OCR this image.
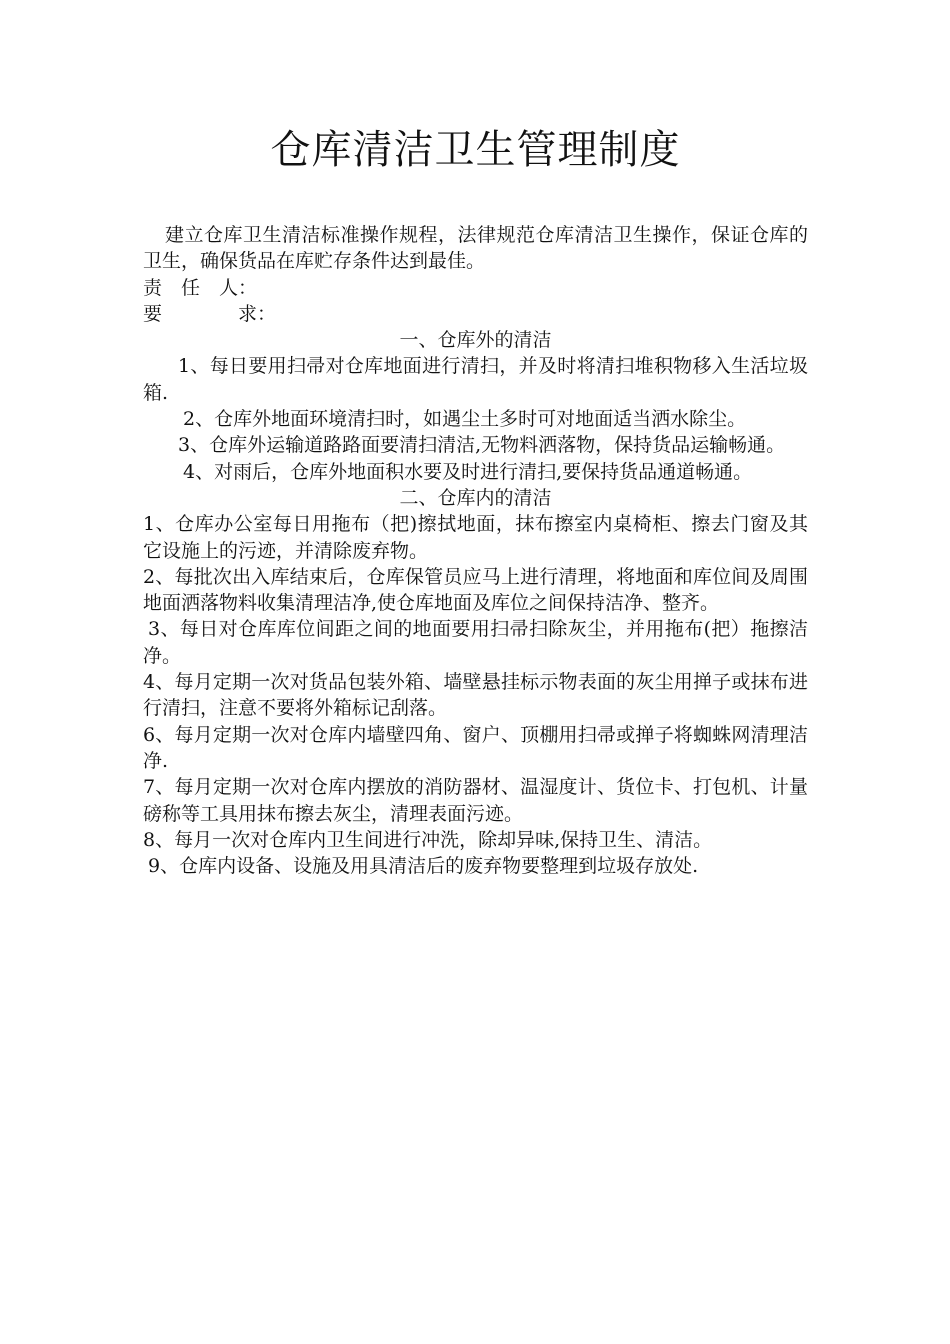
仓库清洁卫生管理制度

建立仓库卫生清洁标准操作规程，法律规范仓库清洁卫生操作，保证仓库的卫生，确保货品在库贮存条件达到最佳。

责　任　人：

要　　　　求：

一、仓库外的清洁

1、每日要用扫帚对仓库地面进行清扫，并及时将清扫堆积物移入生活垃圾箱.

2、仓库外地面环境清扫时，如遇尘土多时可对地面适当洒水除尘。

3、仓库外运输道路路面要清扫清洁,无物料洒落物，保持货品运输畅通。

4、对雨后，仓库外地面积水要及时进行清扫,要保持货品通道畅通。

二、仓库内的清洁

1、仓库办公室每日用拖布（把)擦拭地面，抹布擦室内桌椅柜、擦去门窗及其它设施上的污迹，并清除废弃物。

2、每批次出入库结束后，仓库保管员应马上进行清理，将地面和库位间及周围地面洒落物料收集清理洁净,使仓库地面及库位之间保持洁净、整齐。

3、每日对仓库库位间距之间的地面要用扫帚扫除灰尘，并用拖布(把）拖擦洁净。

4、每月定期一次对货品包装外箱、墙壁悬挂标示物表面的灰尘用掸子或抹布进行清扫，注意不要将外箱标记刮落。

6、每月定期一次对仓库内墙壁四角、窗户、顶棚用扫帚或掸子将蜘蛛网清理洁净.

7、每月定期一次对仓库内摆放的消防器材、温湿度计、货位卡、打包机、计量磅称等工具用抹布擦去灰尘，清理表面污迹。

8、每月一次对仓库内卫生间进行冲洗，除却异味,保持卫生、清洁。

9、仓库内设备、设施及用具清洁后的废弃物要整理到垃圾存放处.
